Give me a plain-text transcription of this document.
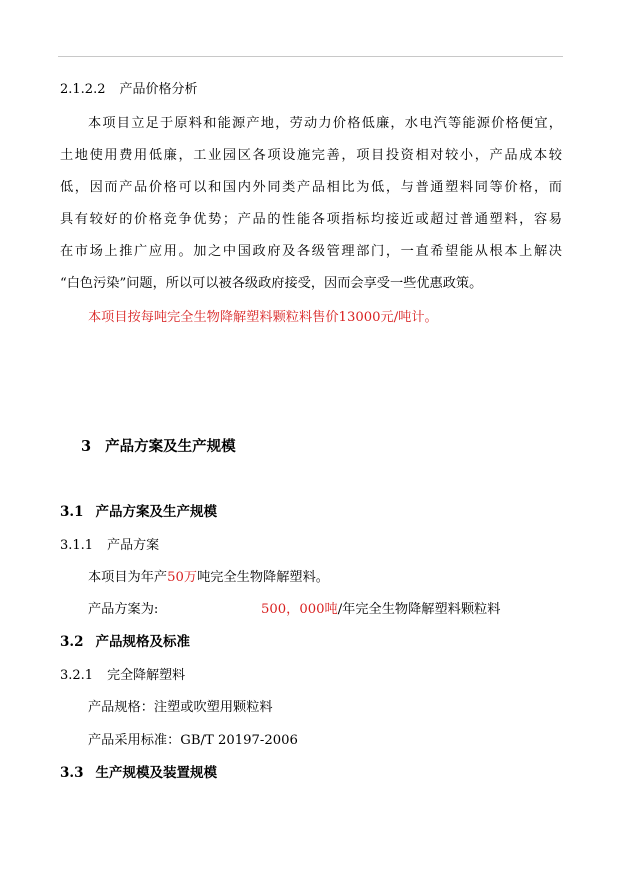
2.1.2.2 产品价格分析
本项目立足于原料和能源产地，劳动力价格低廉，水电汽等能源价格便宜，
土地使用费用低廉，工业园区各项设施完善，项目投资相对较小，产品成本较
低，因而产品价格可以和国内外同类产品相比为低，与普通塑料同等价格，而
具有较好的价格竞争优势；产品的性能各项指标均接近或超过普通塑料，容易
在市场上推广应用。加之中国政府及各级管理部门，一直希望能从根本上解决
“白色污染”问题，所以可以被各级政府接受，因而会享受一些优惠政策。
本项目按每吨完全生物降解塑料颗粒料售价13000元/吨计。
3 产品方案及生产规模
3.1 产品方案及生产规模
3.1.1 产品方案
本项目为年产50万吨完全生物降解塑料。
产品方案为:	500，000吨/年完全生物降解塑料颗粒料
3.2 产品规格及标准
3.2.1 完全降解塑料
产品规格：注塑或吹塑用颗粒料
产品采用标准：GB/T 20197-2006
3.3 生产规模及装置规模
